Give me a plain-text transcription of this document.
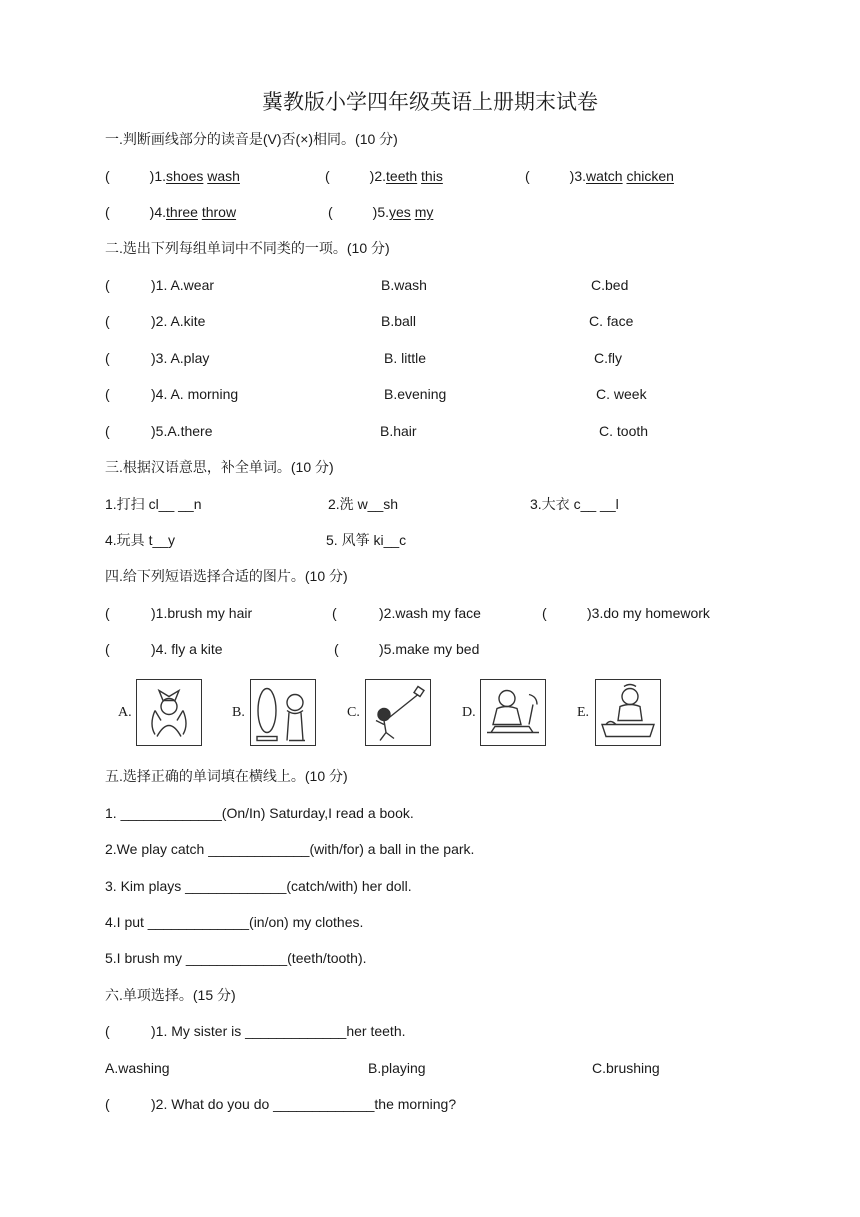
冀教版小学四年级英语上册期末试卷
一.判断画线部分的读音是(V)否(×)相同。(10 分)
(	)1.shoes wash	(	)2.teeth this	(	)3.watch chicken
(	)4.three throw	(	)5.yes my
二.选出下列每组单词中不同类的一项。(10 分)
(	)1. A.wear	B.wash	C.bed
(	)2. A.kite	B.ball	C. face
(	)3. A.play	B. little	C.fly
(	)4. A. morning	B.evening	C. week
(	)5.A.there	B.hair	C. tooth
三.根据汉语意思，补全单词。(10 分)
1.打扫 cl__ __n	2.洗 w__sh	3.大衣 c__ __l
4.玩具 t__y	5. 风筝 ki__c
四.给下列短语选择合适的图片。(10 分)
(	)1.brush my hair	(	)2.wash my face	(	)3.do my homework
(	)4. fly a kite	(	)5.make my bed
A.	B.	C.	D.	E.
五.选择正确的单词填在横线上。(10 分)
1. _____________(On/In) Saturday,I read a book.
2.We play catch _____________(with/for) a ball in the park.
3. Kim plays _____________(catch/with) her doll.
4.I put _____________(in/on) my clothes.
5.I brush my _____________(teeth/tooth).
六.单项选择。(15 分)
(	)1. My sister is _____________her teeth.
A.washing	B.playing	C.brushing
(	)2. What do you do _____________the morning?
